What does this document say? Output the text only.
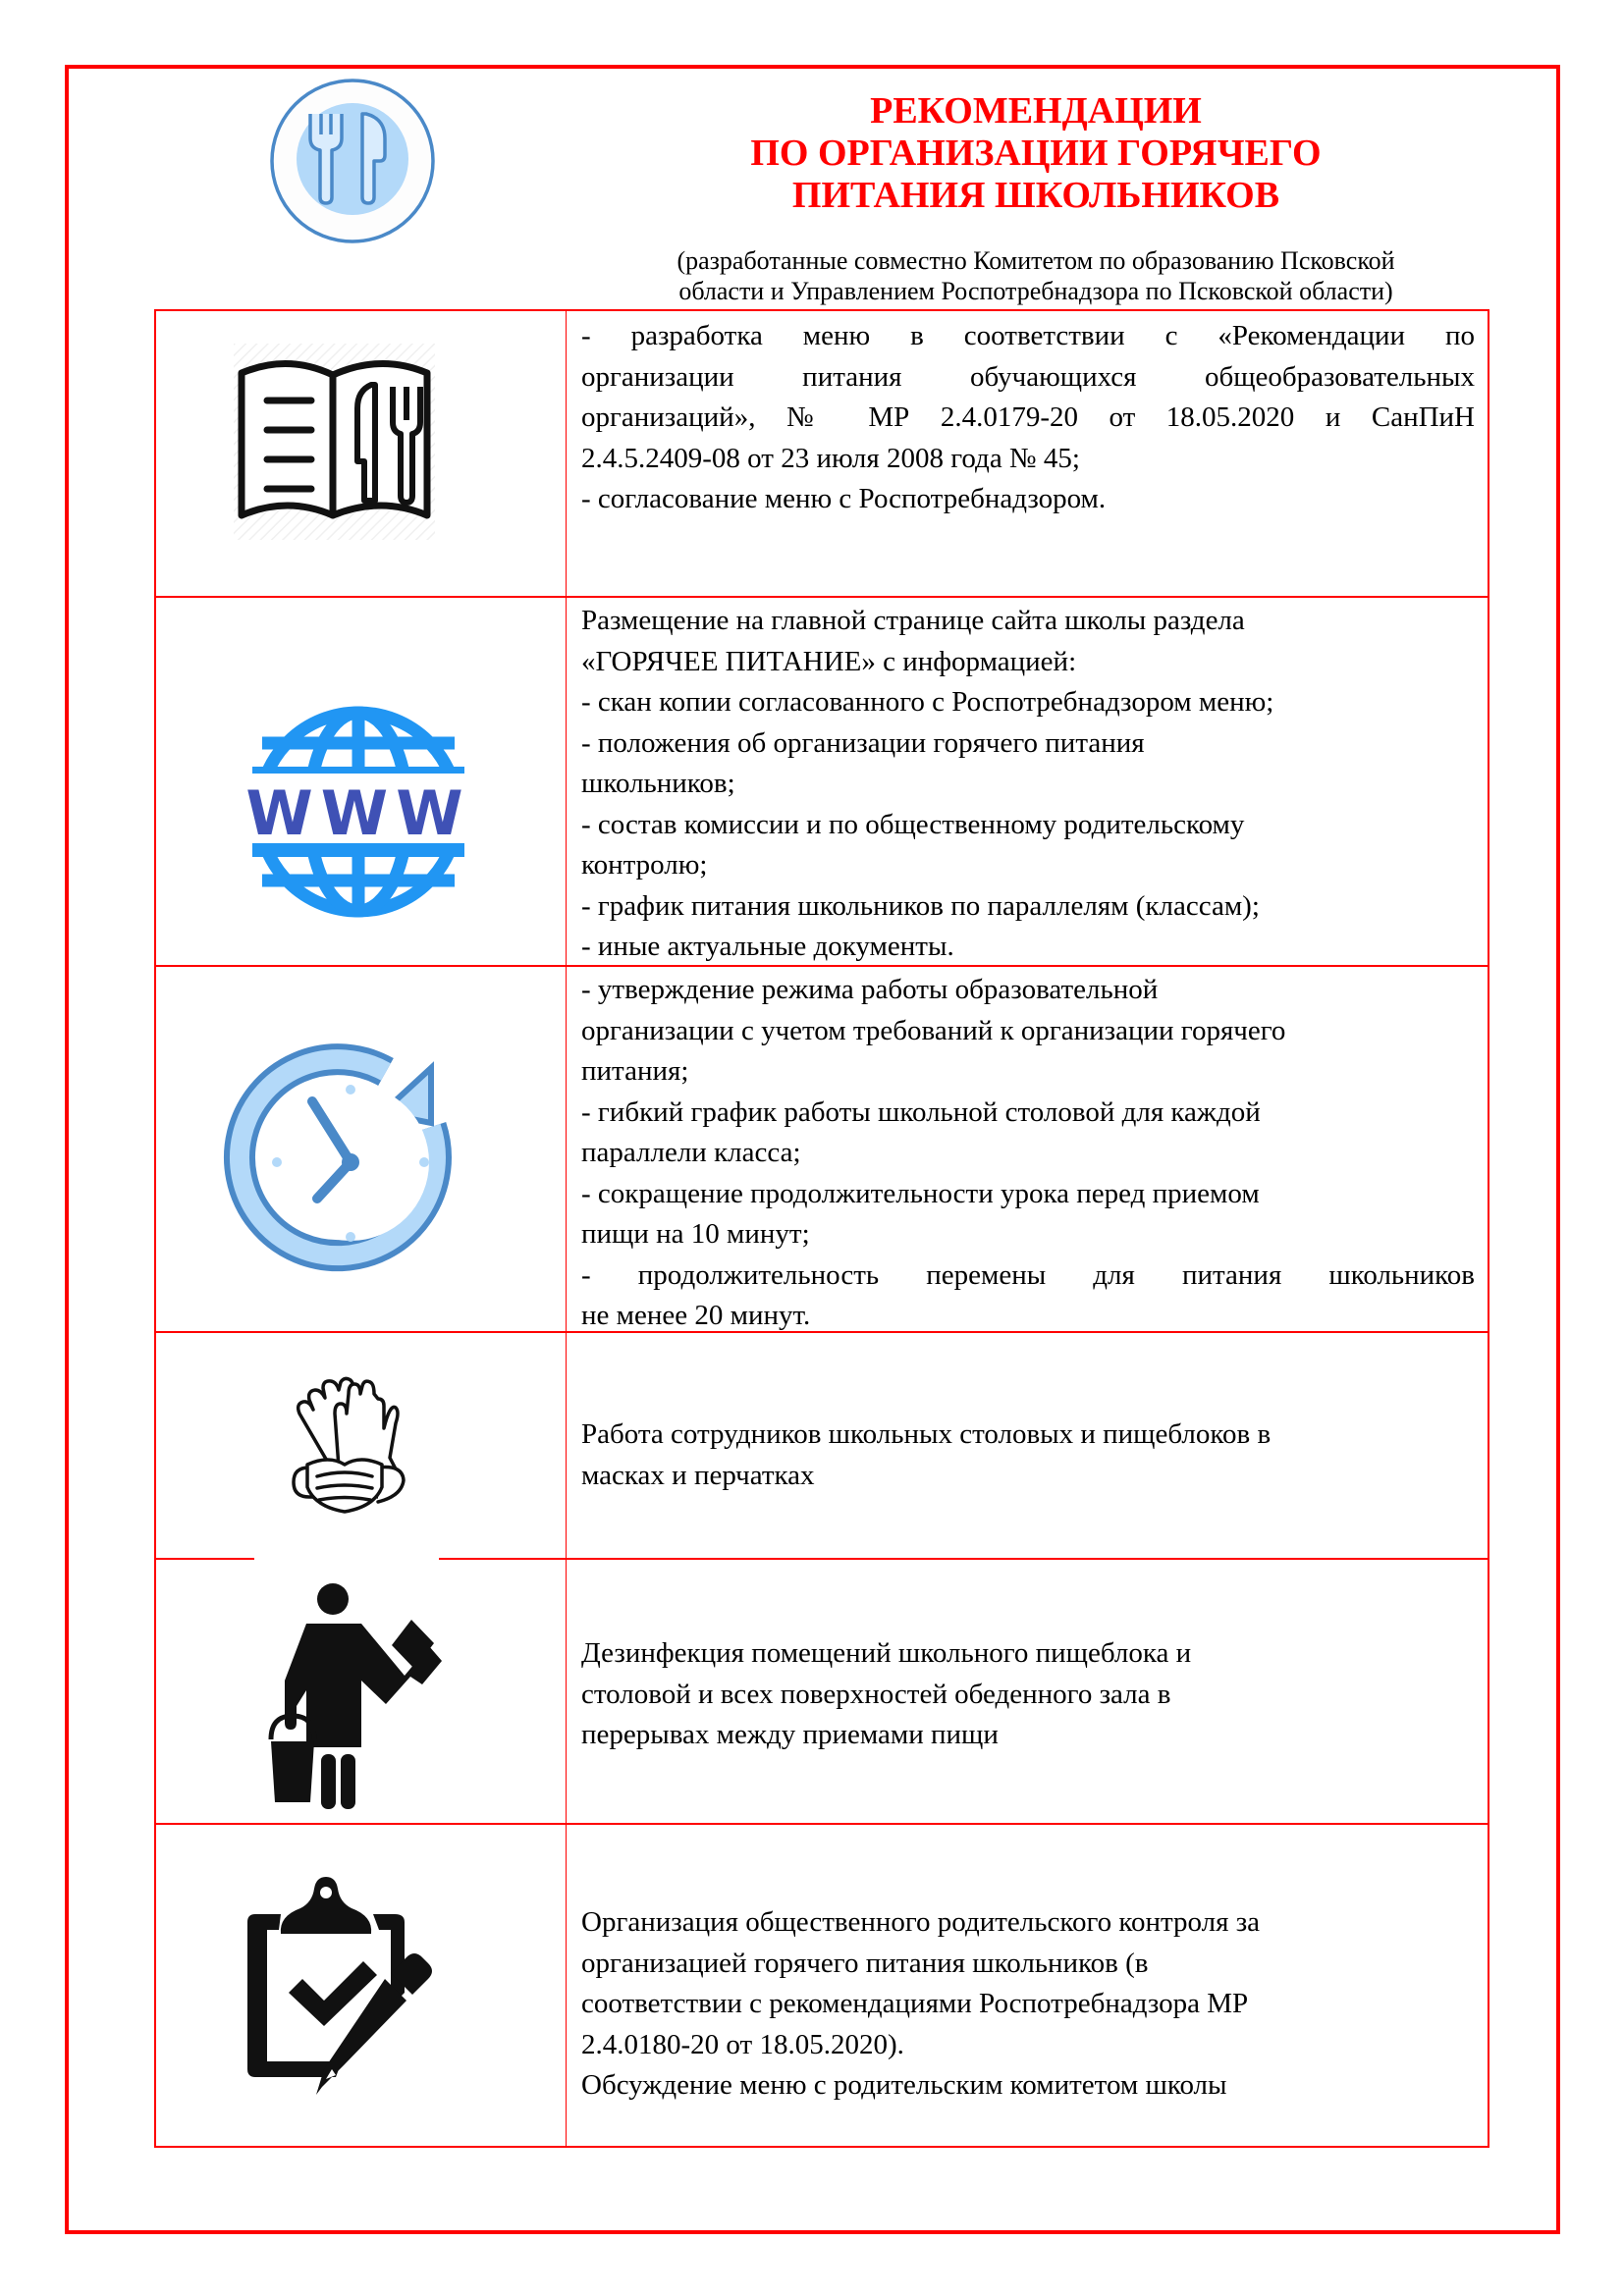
РЕКОМЕНДАЦИИ
ПО ОРГАНИЗАЦИИ ГОРЯЧЕГО
ПИТАНИЯ ШКОЛЬНИКОВ
(разработанные совместно Комитетом по образованию Псковской
области и Управлением Роспотребнадзора по Псковской области)
WWW
- разработка меню в соответствии с «Рекомендации по
организации питания обучающихся общеобразовательных
организаций», № МР 2.4.0179-20 от 18.05.2020 и СанПиН
2.4.5.2409-08 от 23 июля 2008 года № 45;
- согласование меню с Роспотребнадзором.
Размещение на главной странице сайта школы раздела
«ГОРЯЧЕЕ ПИТАНИЕ» с информацией:
- скан копии согласованного с Роспотребнадзором меню;
- положения об организации горячего питания
школьников;
- состав комиссии и по общественному родительскому
контролю;
- график питания школьников по параллелям (классам);
- иные актуальные документы.
- утверждение режима работы образовательной
организации с учетом требований к организации горячего
питания;
- гибкий график работы школьной столовой для каждой
параллели класса;
- сокращение продолжительности урока перед приемом
пищи на 10 минут;
- продолжительность перемены для питания школьников
не менее 20 минут.
Работа сотрудников школьных столовых и пищеблоков в
масках и перчатках
Дезинфекция помещений школьного пищеблока и
столовой и всех поверхностей обеденного зала в
перерывах между приемами пищи
Организация общественного родительского контроля за
организацией горячего питания школьников (в
соответствии с рекомендациями Роспотребнадзора МР
2.4.0180-20 от 18.05.2020).
Обсуждение меню с родительским комитетом школы
